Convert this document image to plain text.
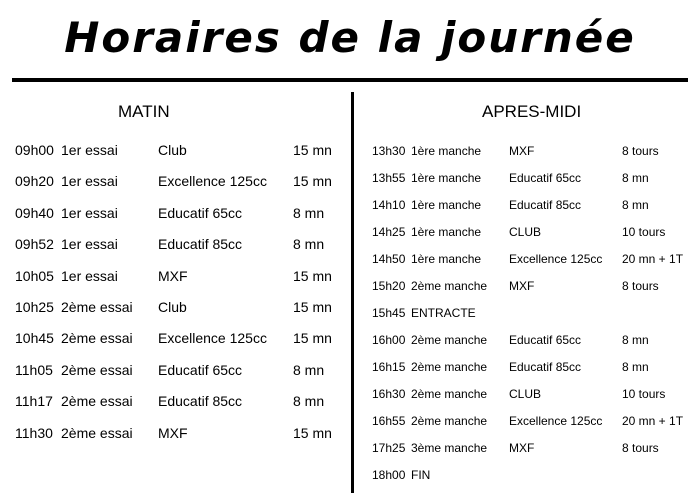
Horaires de la journée
MATIN	APRES-MIDI
09h00 1er essai	Club	15 mn
09h20 1er essai	Excellence 125cc 15 mn
09h40 1er essai	Educatif 65cc	8 mn
09h52 1er essai	Educatif 85cc	8 mn
10h05 1er essai	MXF	15 mn
10h25 2ème essai Club	15 mn
10h45 2ème essai Excellence 125cc 15 mn
11h05 2ème essai Educatif 65cc	8 mn
11h17 2ème essai Educatif 85cc	8 mn
11h30 2ème essai MXF	15 mn
13h30 1ère manche MXF	8 tours
13h55 1ère manche Educatif 65cc	8 mn
14h10 1ère manche Educatif 85cc	8 mn
14h25 1ère manche CLUB	10 tours
14h50 1ère manche Excellence 125cc 20 mn + 1T
15h20 2ème manche MXF	8 tours
15h45 ENTRACTE
16h00 2ème manche Educatif 65cc	8 mn
16h15 2ème manche Educatif 85cc	8 mn
16h30 2ème manche CLUB	10 tours
16h55 2ème manche Excellence 125cc 20 mn + 1T
17h25 3ème manche MXF	8 tours
18h00 FIN
